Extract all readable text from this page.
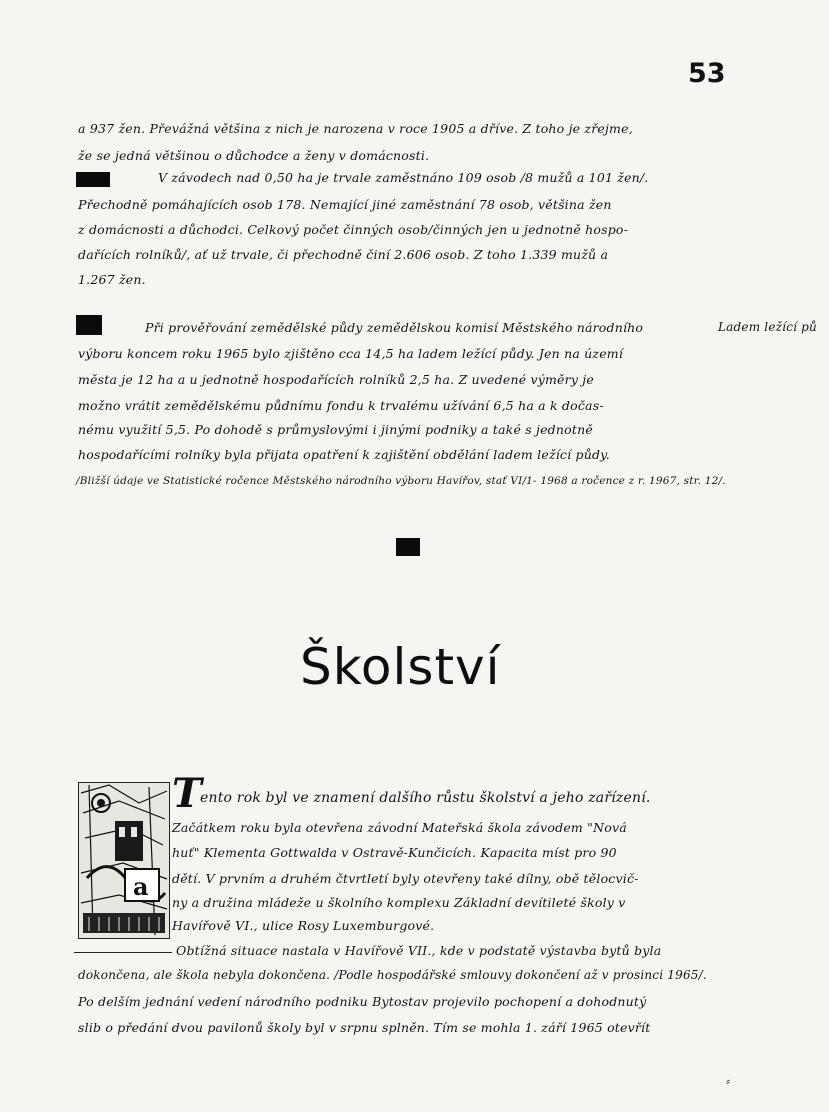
53
a 937 žen. Převážná většina z nich je narozena v roce 1905 a dříve. Z toho je zřejme,
že se jedná většinou o důchodce a ženy v domácnosti.
V závodech nad 0,50 ha je trvale zaměstnáno 109 osob /8 mužů a 101 žen/.
Přechodně pomáhajících osob 178. Nemající jiné zaměstnání 78 osob, většina žen
z domácnosti a důchodci. Celkový počet činných osob/činných jen u jednotně hospo-
dařících rolníků/, ať už trvale, či přechodně činí 2.606 osob. Z toho 1.339 mužů a
1.267 žen.
Při prověřování zemědělské půdy zemědělskou komisí Městského národního	Ladem ležící pů
výboru koncem roku 1965 bylo zjištěno cca 14,5 ha ladem ležící půdy. Jen na území
města je 12 ha a u jednotně hospodařících rolníků 2,5 ha. Z uvedené výměry je
možno vrátit zemědělskému půdnímu fondu k trvalému užívání 6,5 ha a k dočas-
nému využití 5,5. Po dohodě s průmyslovými i jinými podniky a také s jednotně
hospodařícími rolníky byla přijata opatření k zajištění obdělání ladem ležící půdy.
/Bližší údaje ve Statistické ročence Městského národního výboru Havířov, stať VI/1- 1968 a ročence z r. 1967, str. 12/.
Školství
a
T
ento rok byl ve znamení dalšího růstu školství a jeho zařízení.
Začátkem roku byla otevřena závodní Mateřská škola závodem "Nová
huť" Klementa Gottwalda v Ostravě-Kunčicích. Kapacita míst pro 90
dětí. V prvním a druhém čtvrtletí byly otevřeny také dílny, obě tělocvič-
ny a družina mládeže u školního komplexu Základní devítileté školy v
Havířově VI., ulice Rosy Luxemburgové.
Obtížná situace nastala v Havířově VII., kde v podstatě výstavba bytů byla
dokončena, ale škola nebyla dokončena. /Podle hospodářské smlouvy dokončení až v prosinci 1965/.
Po delším jednání vedení národního podniku Bytostav projevilo pochopení a dohodnutý
slib o předání dvou pavilonů školy byl v srpnu splněn. Tím se mohla 1. září 1965 otevřít
⸗
